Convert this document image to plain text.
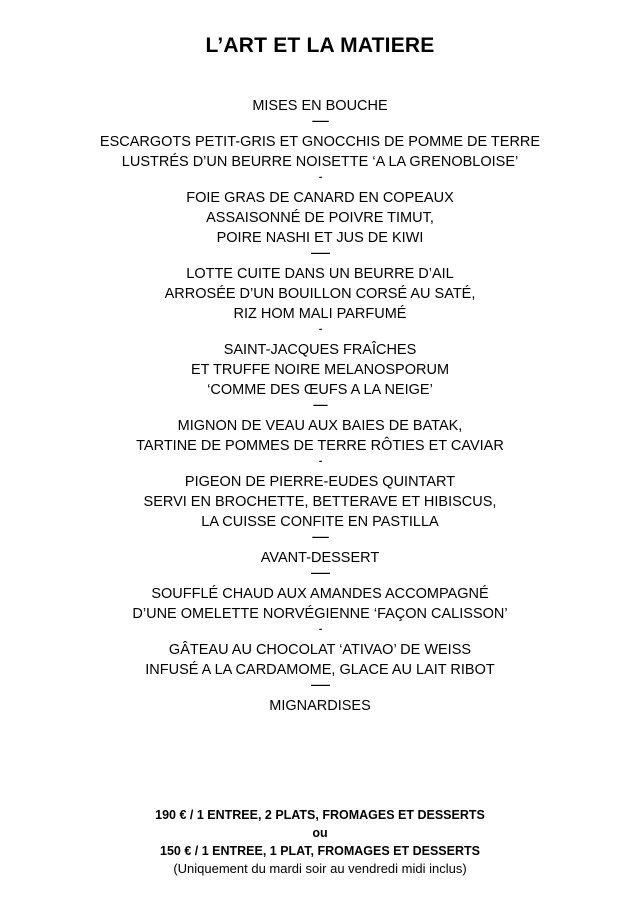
L’ART ET LA MATIERE
MISES EN BOUCHE
-------
ESCARGOTS PETIT-GRIS ET GNOCCHIS DE POMME DE TERRE
LUSTRÉS D’UN BEURRE NOISETTE ‘A LA GRENOBLOISE’
-
FOIE GRAS DE CANARD EN COPEAUX
ASSAISONNÉ DE POIVRE TIMUT,
POIRE NASHI ET JUS DE KIWI
--------
LOTTE CUITE DANS UN BEURRE D’AIL
ARROSÉE D’UN BOUILLON CORSÉ AU SATÉ,
RIZ HOM MALI PARFUMÉ
-
SAINT-JACQUES FRAÎCHES
ET TRUFFE NOIRE MELANOSPORUM
‘COMME DES ŒUFS A LA NEIGE’
------
MIGNON DE VEAU AUX BAIES DE BATAK,
TARTINE DE POMMES DE TERRE RÔTIES ET CAVIAR
-
PIGEON DE PIERRE-EUDES QUINTART
SERVI EN BROCHETTE, BETTERAVE ET HIBISCUS,
LA CUISSE CONFITE EN PASTILLA
-------
AVANT-DESSERT
--------
SOUFFLÉ CHAUD AUX AMANDES ACCOMPAGNÉ
D’UNE OMELETTE NORVÉGIENNE ‘FAÇON CALISSON’
-
GÂTEAU AU CHOCOLAT ‘ATIVAO’ DE WEISS
INFUSÉ A LA CARDAMOME, GLACE AU LAIT RIBOT
--------
MIGNARDISES
190 € / 1 ENTREE, 2 PLATS, FROMAGES ET DESSERTS
ou
150 € / 1 ENTREE, 1 PLAT, FROMAGES ET DESSERTS
(Uniquement du mardi soir au vendredi midi inclus)
